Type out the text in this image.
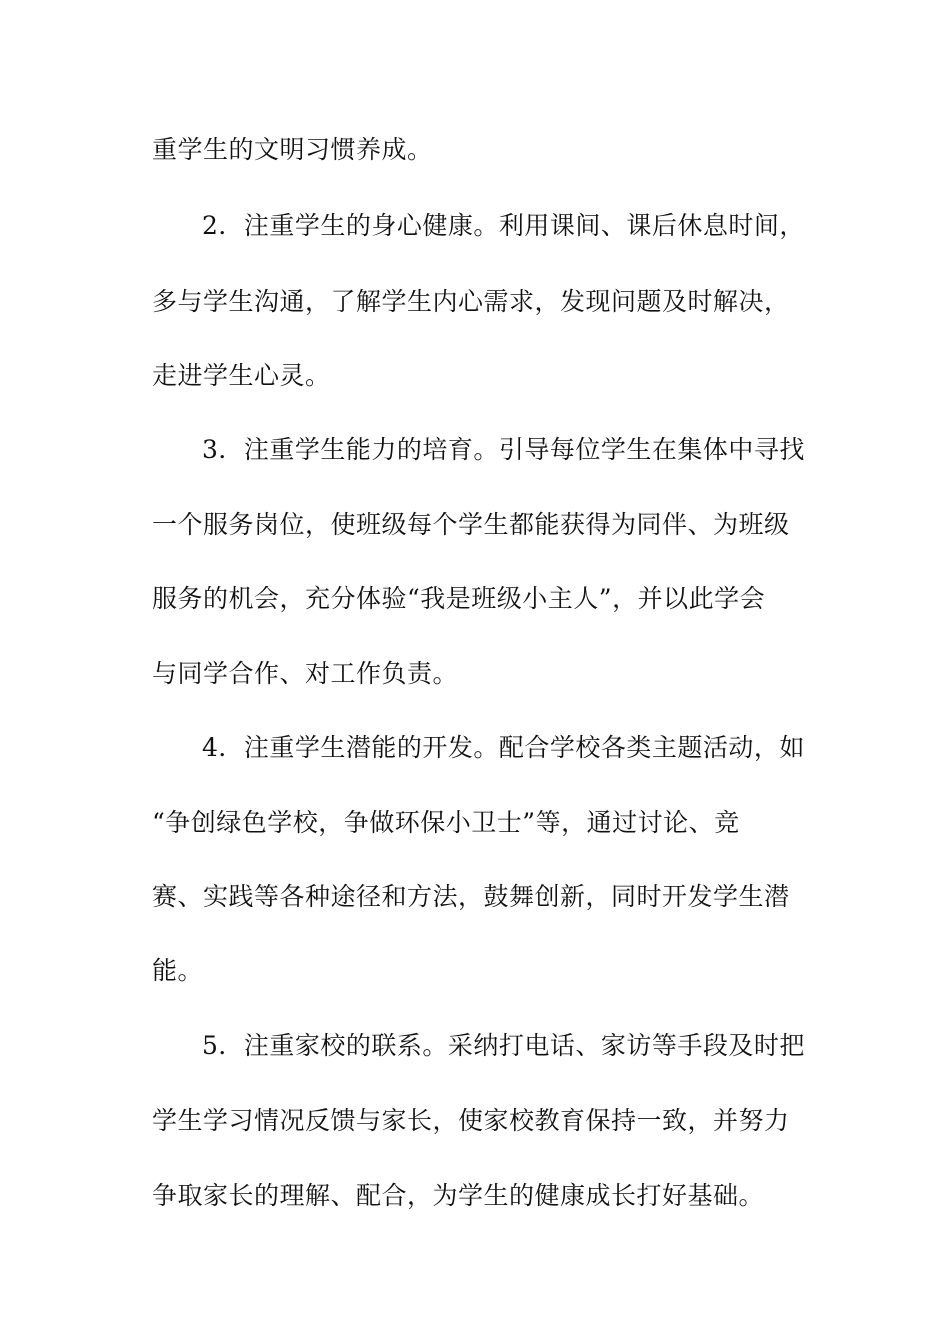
重学生的文明习惯养成。
2．注重学生的身心健康。利用课间、课后休息时间，
多与学生沟通，了解学生内心需求，发现问题及时解决，
走进学生心灵。
3．注重学生能力的培育。引导每位学生在集体中寻找
一个服务岗位，使班级每个学生都能获得为同伴、为班级
服务的机会，充分体验“我是班级小主人”，并以此学会
与同学合作、对工作负责。
4．注重学生潜能的开发。配合学校各类主题活动，如
“争创绿色学校，争做环保小卫士”等，通过讨论、竞
赛、实践等各种途径和方法，鼓舞创新，同时开发学生潜
能。
5．注重家校的联系。采纳打电话、家访等手段及时把
学生学习情况反馈与家长，使家校教育保持一致，并努力
争取家长的理解、配合，为学生的健康成长打好基础。
